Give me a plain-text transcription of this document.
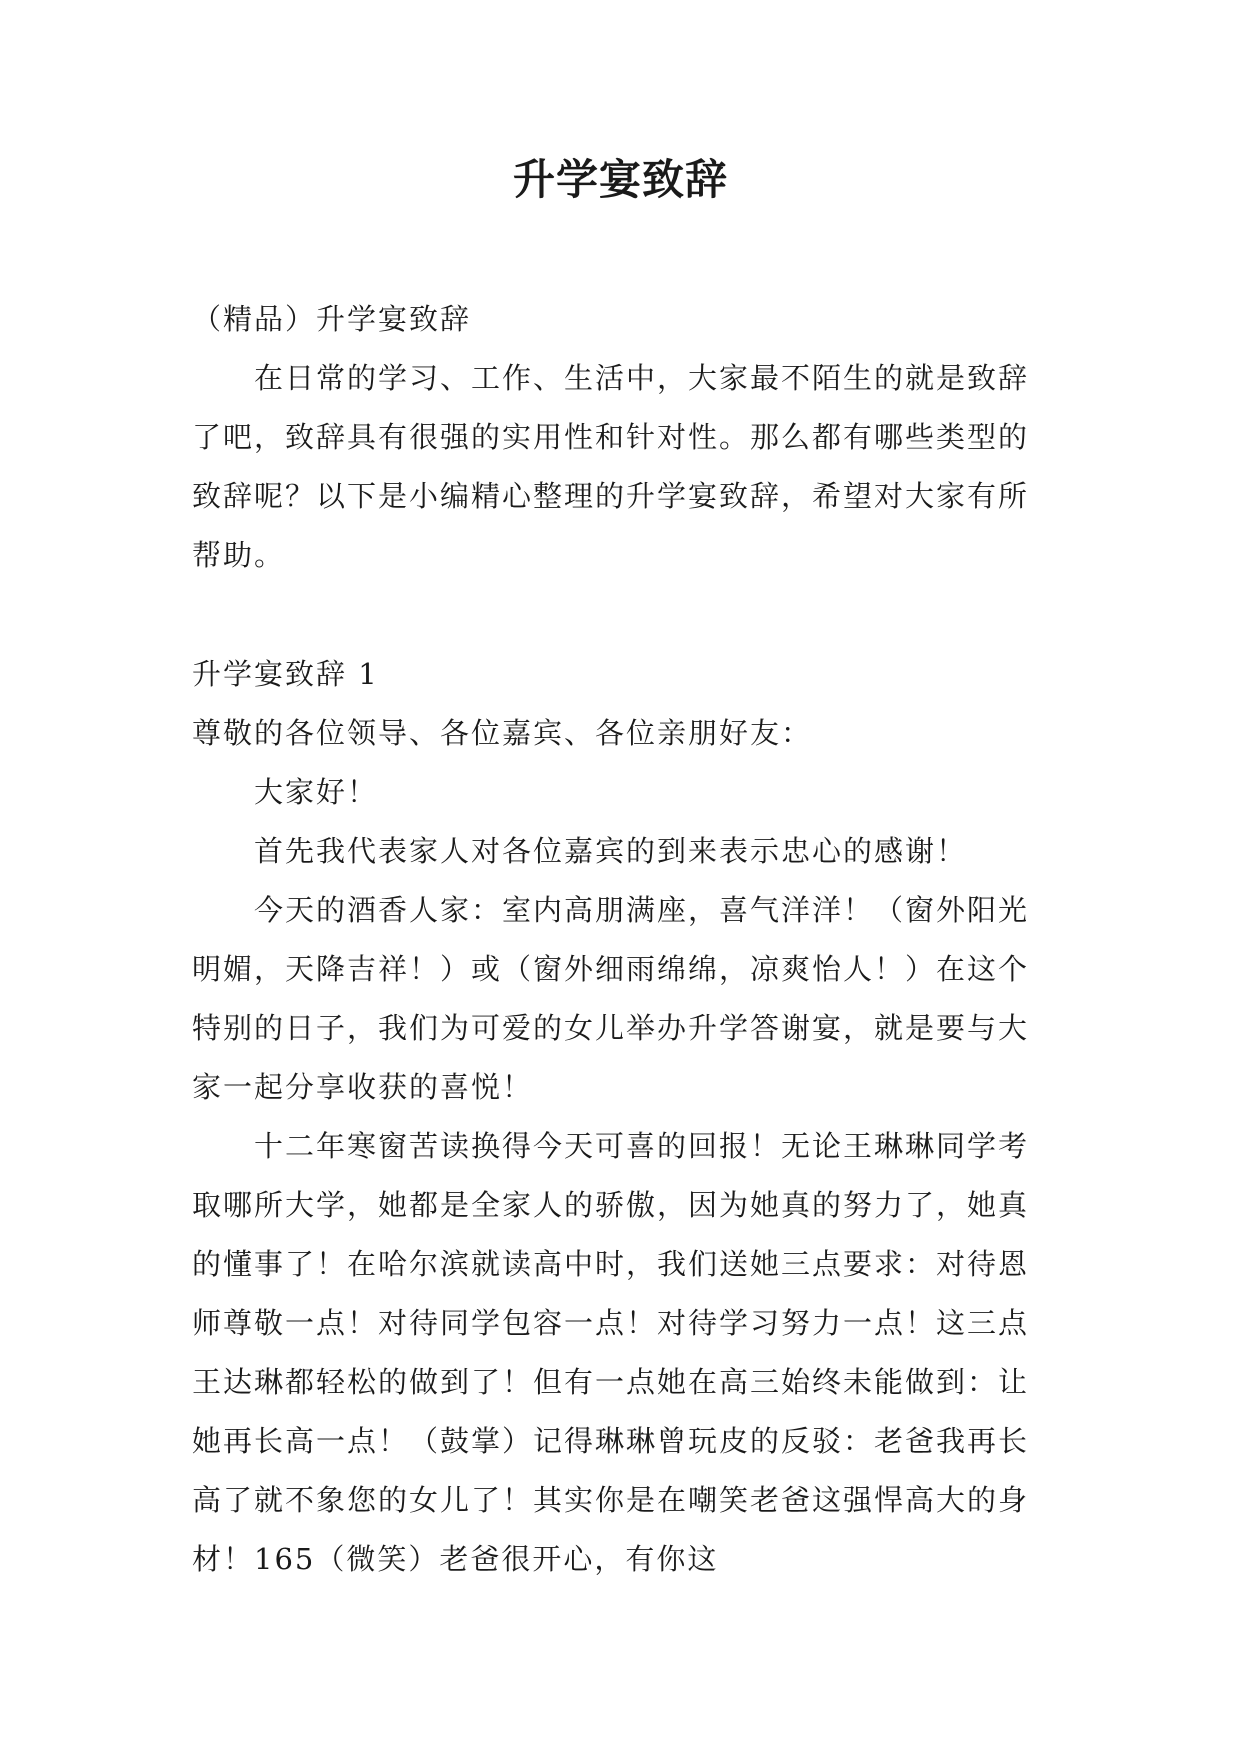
升学宴致辞

（精品）升学宴致辞

在日常的学习、工作、生活中，大家最不陌生的就是致辞了吧，致辞具有很强的实用性和针对性。那么都有哪些类型的致辞呢？以下是小编精心整理的升学宴致辞，希望对大家有所帮助。

升学宴致辞 1

尊敬的各位领导、各位嘉宾、各位亲朋好友：

大家好！

首先我代表家人对各位嘉宾的到来表示忠心的感谢！

今天的酒香人家：室内高朋满座，喜气洋洋！（窗外阳光明媚，天降吉祥！）或（窗外细雨绵绵，凉爽怡人！）在这个特别的日子，我们为可爱的女儿举办升学答谢宴，就是要与大家一起分享收获的喜悦！

十二年寒窗苦读换得今天可喜的回报！无论王琳琳同学考取哪所大学，她都是全家人的骄傲，因为她真的努力了，她真的懂事了！在哈尔滨就读高中时，我们送她三点要求：对待恩师尊敬一点！对待同学包容一点！对待学习努力一点！这三点王达琳都轻松的做到了！但有一点她在高三始终未能做到：让她再长高一点！（鼓掌）记得琳琳曾玩皮的反驳：老爸我再长高了就不象您的女儿了！其实你是在嘲笑老爸这强悍高大的身材！165（微笑）老爸很开心，有你这
